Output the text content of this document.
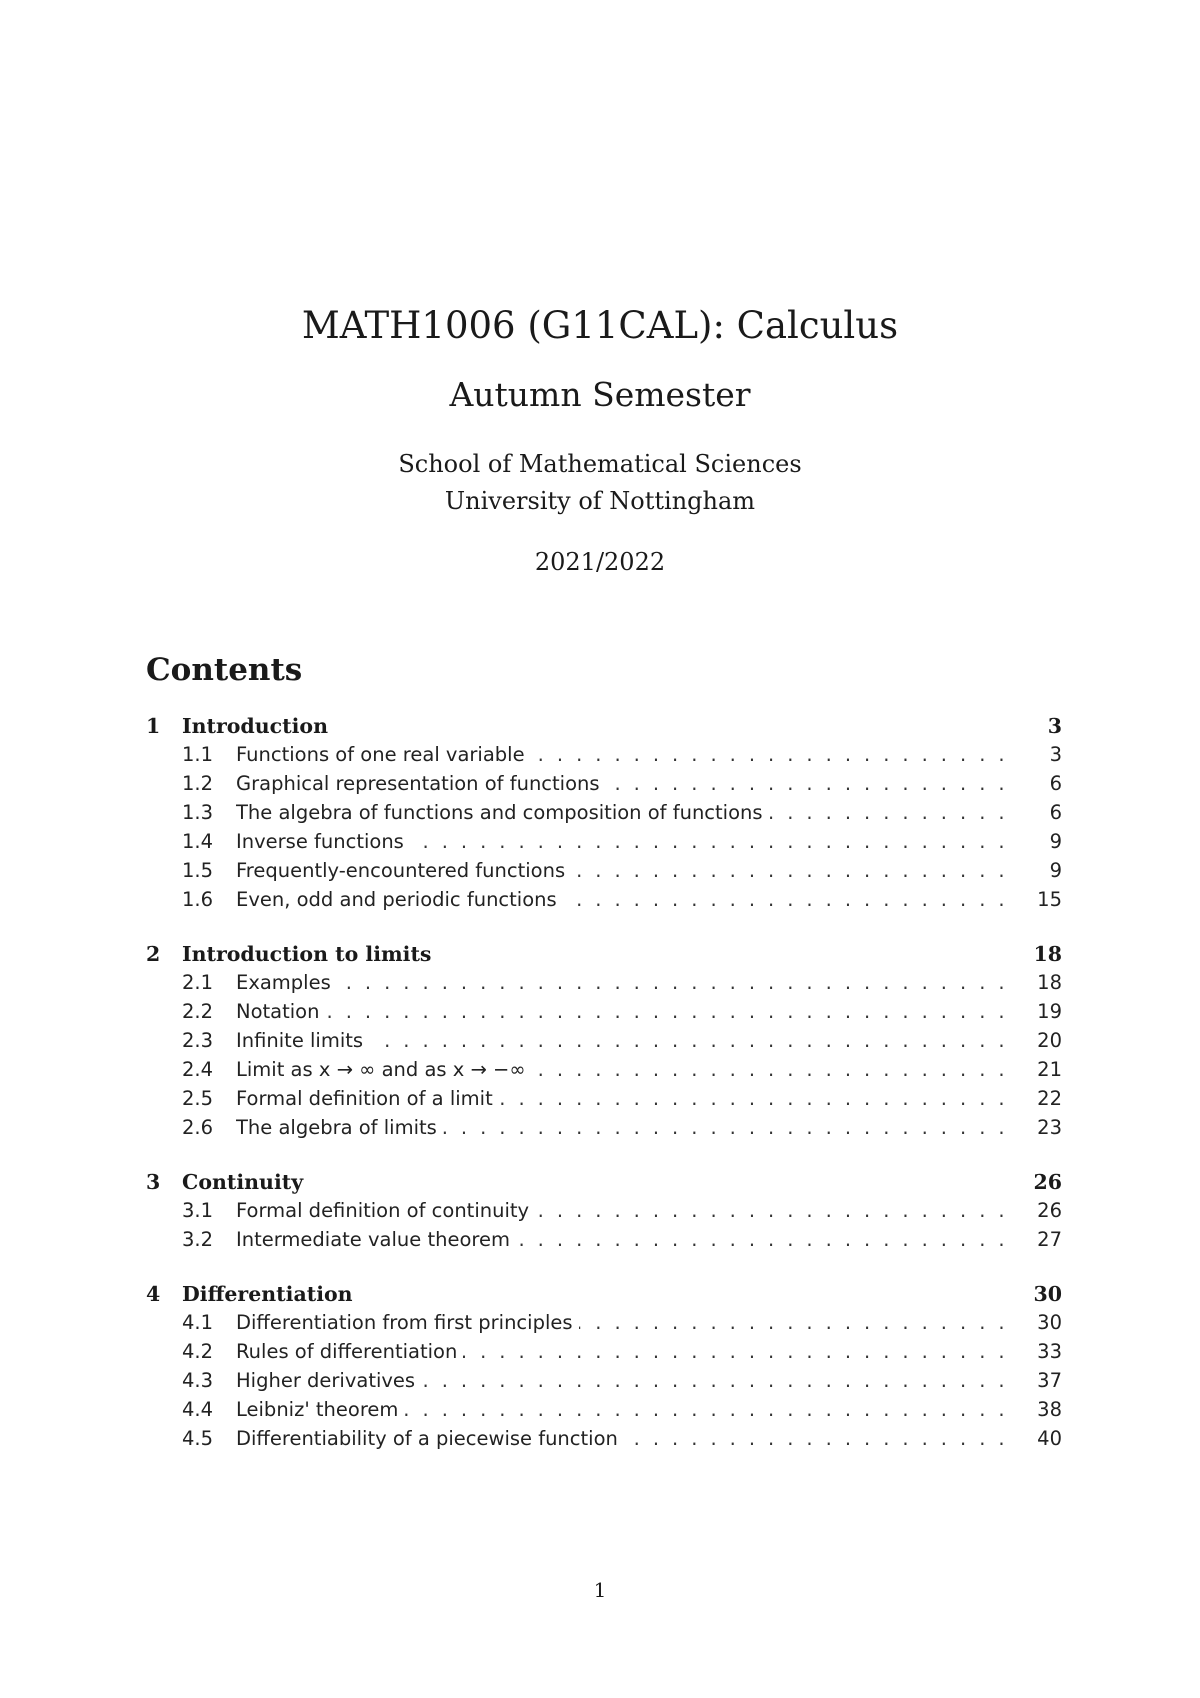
MATH1006 (G11CAL): Calculus
Autumn Semester
School of Mathematical Sciences
University of Nottingham
2021/2022
Contents
1	Introduction	3
1.1	Functions of one real variable . . .	3
1.2	Graphical representation of functions . . .	6
1.3	The algebra of functions and composition of functions . . .	6
1.4	Inverse functions . . .	9
1.5	Frequently-encountered functions . . .	9
1.6	Even, odd and periodic functions . . .	15
2	Introduction to limits	18
2.1	Examples . . .	18
2.2	Notation . . .	19
2.3	Infinite limits . . .	20
2.4	Limit as x → ∞ and as x → −∞ . . .	21
2.5	Formal definition of a limit . . .	22
2.6	The algebra of limits . . .	23
3	Continuity	26
3.1	Formal definition of continuity . . .	26
3.2	Intermediate value theorem . . .	27
4	Differentiation	30
4.1	Differentiation from first principles . . .	30
4.2	Rules of differentiation . . .	33
4.3	Higher derivatives . . .	37
4.4	Leibniz' theorem . . .	38
4.5	Differentiability of a piecewise function . . .	40
1
